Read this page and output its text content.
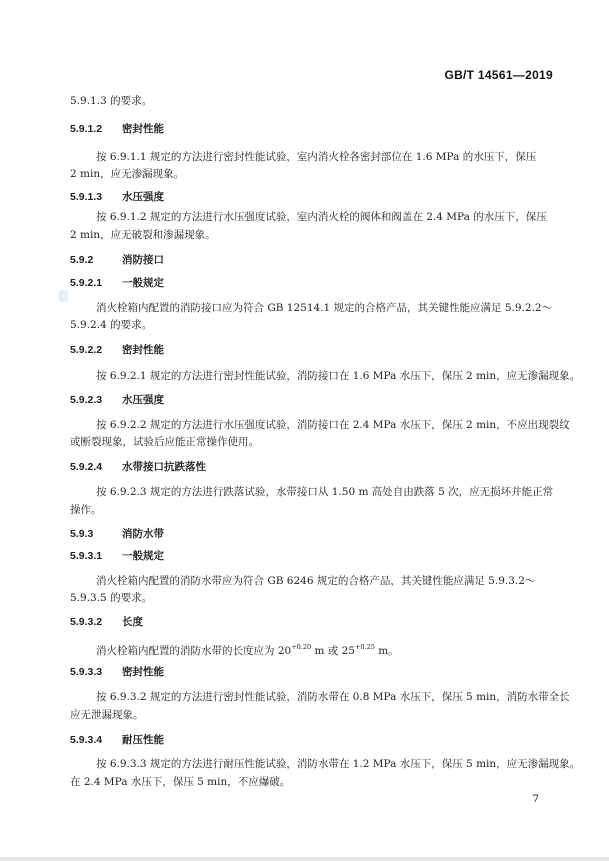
GB/T 14561—2019
5.9.1.3 的要求。
5.9.1.2 密封性能
按 6.9.1.1 规定的方法进行密封性能试验，室内消火栓各密封部位在 1.6 MPa 的水压下，保压
2 min，应无渗漏现象。
5.9.1.3 水压强度
按 6.9.1.2 规定的方法进行水压强度试验，室内消火栓的阀体和阀盖在 2.4 MPa 的水压下，保压
2 min，应无破裂和渗漏现象。
5.9.2	消防接口
5.9.2.1 一般规定
消火栓箱内配置的消防接口应为符合 GB 12514.1 规定的合格产品，其关键性能应满足 5.9.2.2～
5.9.2.4 的要求。
5.9.2.2 密封性能
按 6.9.2.1 规定的方法进行密封性能试验，消防接口在 1.6 MPa 水压下，保压 2 min，应无渗漏现象。
5.9.2.3 水压强度
按 6.9.2.2 规定的方法进行水压强度试验，消防接口在 2.4 MPa 水压下，保压 2 min，不应出现裂纹
或断裂现象，试验后应能正常操作使用。
5.9.2.4 水带接口抗跌落性
按 6.9.2.3 规定的方法进行跌落试验，水带接口从 1.50 m 高处自由跌落 5 次，应无损坏并能正常
操作。
5.9.3	消防水带
5.9.3.1 一般规定
消火栓箱内配置的消防水带应为符合 GB 6246 规定的合格产品，其关键性能应满足 5.9.3.2～
5.9.3.5 的要求。
5.9.3.2 长度
消火栓箱内配置的消防水带的长度应为 $20^{+0.20}$ m 或 $25^{+0.25}$ m。
5.9.3.3 密封性能
按 6.9.3.2 规定的方法进行密封性能试验，消防水带在 0.8 MPa 水压下，保压 5 min，消防水带全长
应无泄漏现象。
5.9.3.4 耐压性能
按 6.9.3.3 规定的方法进行耐压性能试验，消防水带在 1.2 MPa 水压下，保压 5 min，应无渗漏现象。
在 2.4 MPa 水压下，保压 5 min，不应爆破。
7
